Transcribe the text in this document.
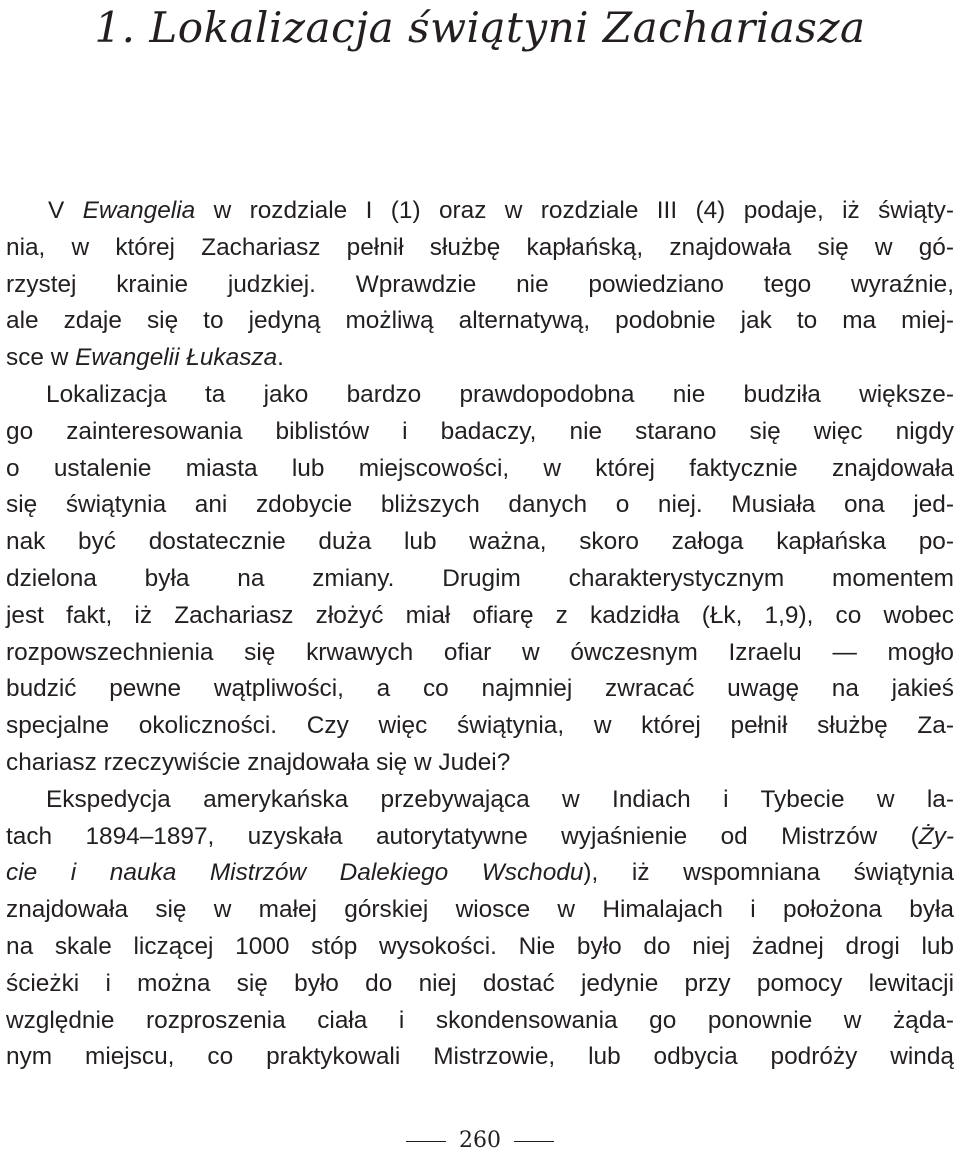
1. Lokalizacja świątyni Zachariasza
V Ewangelia w rozdziale I (1) oraz w rozdziale III (4) podaje, iż świąty-
nia, w której Zachariasz pełnił służbę kapłańską, znajdowała się w gó-
rzystej krainie judzkiej. Wprawdzie nie powiedziano tego wyraźnie,
ale zdaje się to jedyną możliwą alternatywą, podobnie jak to ma miej-
sce w Ewangelii Łukasza.
Lokalizacja ta jako bardzo prawdopodobna nie budziła większe-
go zainteresowania biblistów i badaczy, nie starano się więc nigdy
o ustalenie miasta lub miejscowości, w której faktycznie znajdowała
się świątynia ani zdobycie bliższych danych o niej. Musiała ona jed-
nak być dostatecznie duża lub ważna, skoro załoga kapłańska po-
dzielona była na zmiany. Drugim charakterystycznym momentem
jest fakt, iż Zachariasz złożyć miał ofiarę z kadzidła (Łk, 1,9), co wobec
rozpowszechnienia się krwawych ofiar w ówczesnym Izraelu — mogło
budzić pewne wątpliwości, a co najmniej zwracać uwagę na jakieś
specjalne okoliczności. Czy więc świątynia, w której pełnił służbę Za-
chariasz rzeczywiście znajdowała się w Judei?
Ekspedycja amerykańska przebywająca w Indiach i Tybecie w la-
tach 1894–1897, uzyskała autorytatywne wyjaśnienie od Mistrzów (Ży-
cie i nauka Mistrzów Dalekiego Wschodu), iż wspomniana świątynia
znajdowała się w małej górskiej wiosce w Himalajach i położona była
na skale liczącej 1000 stóp wysokości. Nie było do niej żadnej drogi lub
ścieżki i można się było do niej dostać jedynie przy pomocy lewitacji
względnie rozproszenia ciała i skondensowania go ponownie w żąda-
nym miejscu, co praktykowali Mistrzowie, lub odbycia podróży windą
260
